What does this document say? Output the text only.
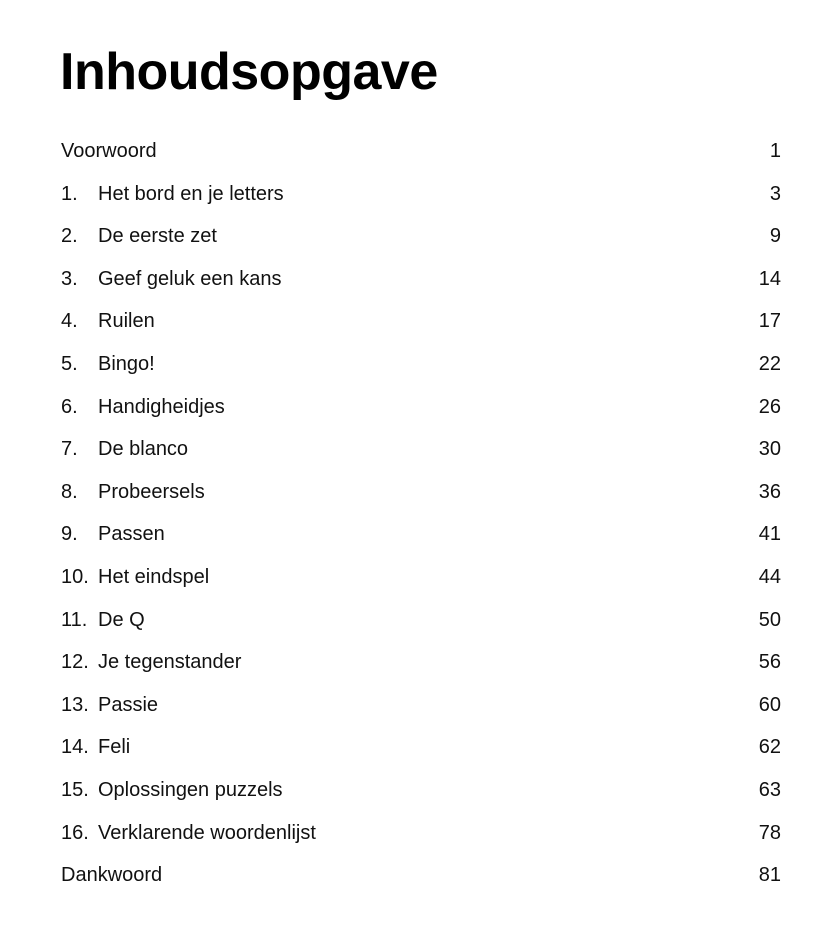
Inhoudsopgave
Voorwoord	1
1. Het bord en je letters	3
2. De eerste zet	9
3. Geef geluk een kans	14
4. Ruilen	17
5. Bingo!	22
6. Handigheidjes	26
7. De blanco	30
8. Probeersels	36
9. Passen	41
10. Het eindspel	44
11. De Q	50
12. Je tegenstander	56
13. Passie	60
14. Feli	62
15. Oplossingen puzzels	63
16. Verklarende woordenlijst	78
Dankwoord	81
